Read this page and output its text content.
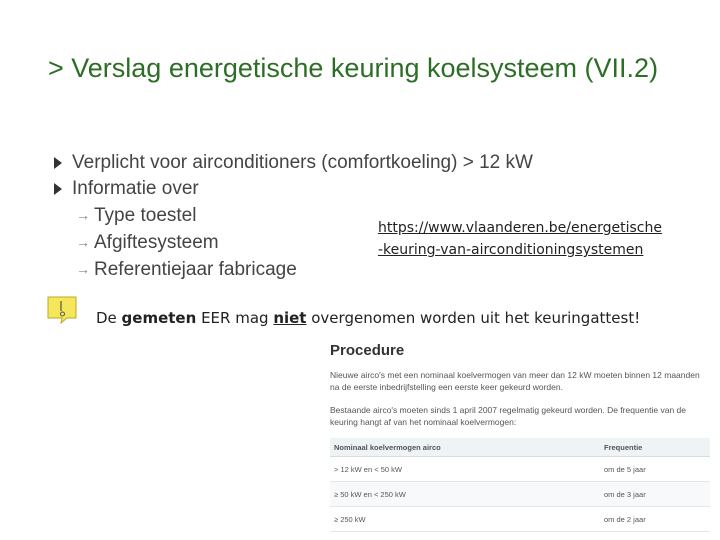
> Verslag energetische keuring koelsysteem (VII.2)
Verplicht voor airconditioners (comfortkoeling) > 12 kW
Informatie over
→ Type toestel
→ Afgiftesysteem
→ Referentiejaar fabricage
https://www.vlaanderen.be/energetische
-keuring-van-airconditioningsystemen
De gemeten EER mag niet overgenomen worden uit het keuringattest!
Procedure
Nieuwe airco's met een nominaal koelvermogen van meer dan 12 kW moeten binnen 12 maanden na de eerste inbedrijfstelling een eerste keer gekeurd worden.
Bestaande airco's moeten sinds 1 april 2007 regelmatig gekeurd worden. De frequentie van de keuring hangt af van het nominaal koelvermogen:
Nominaal koelvermogen airco	Frequentie
> 12 kW en < 50 kW	om de 5 jaar
≥ 50 kW en < 250 kW	om de 3 jaar
≥ 250 kW	om de 2 jaar
